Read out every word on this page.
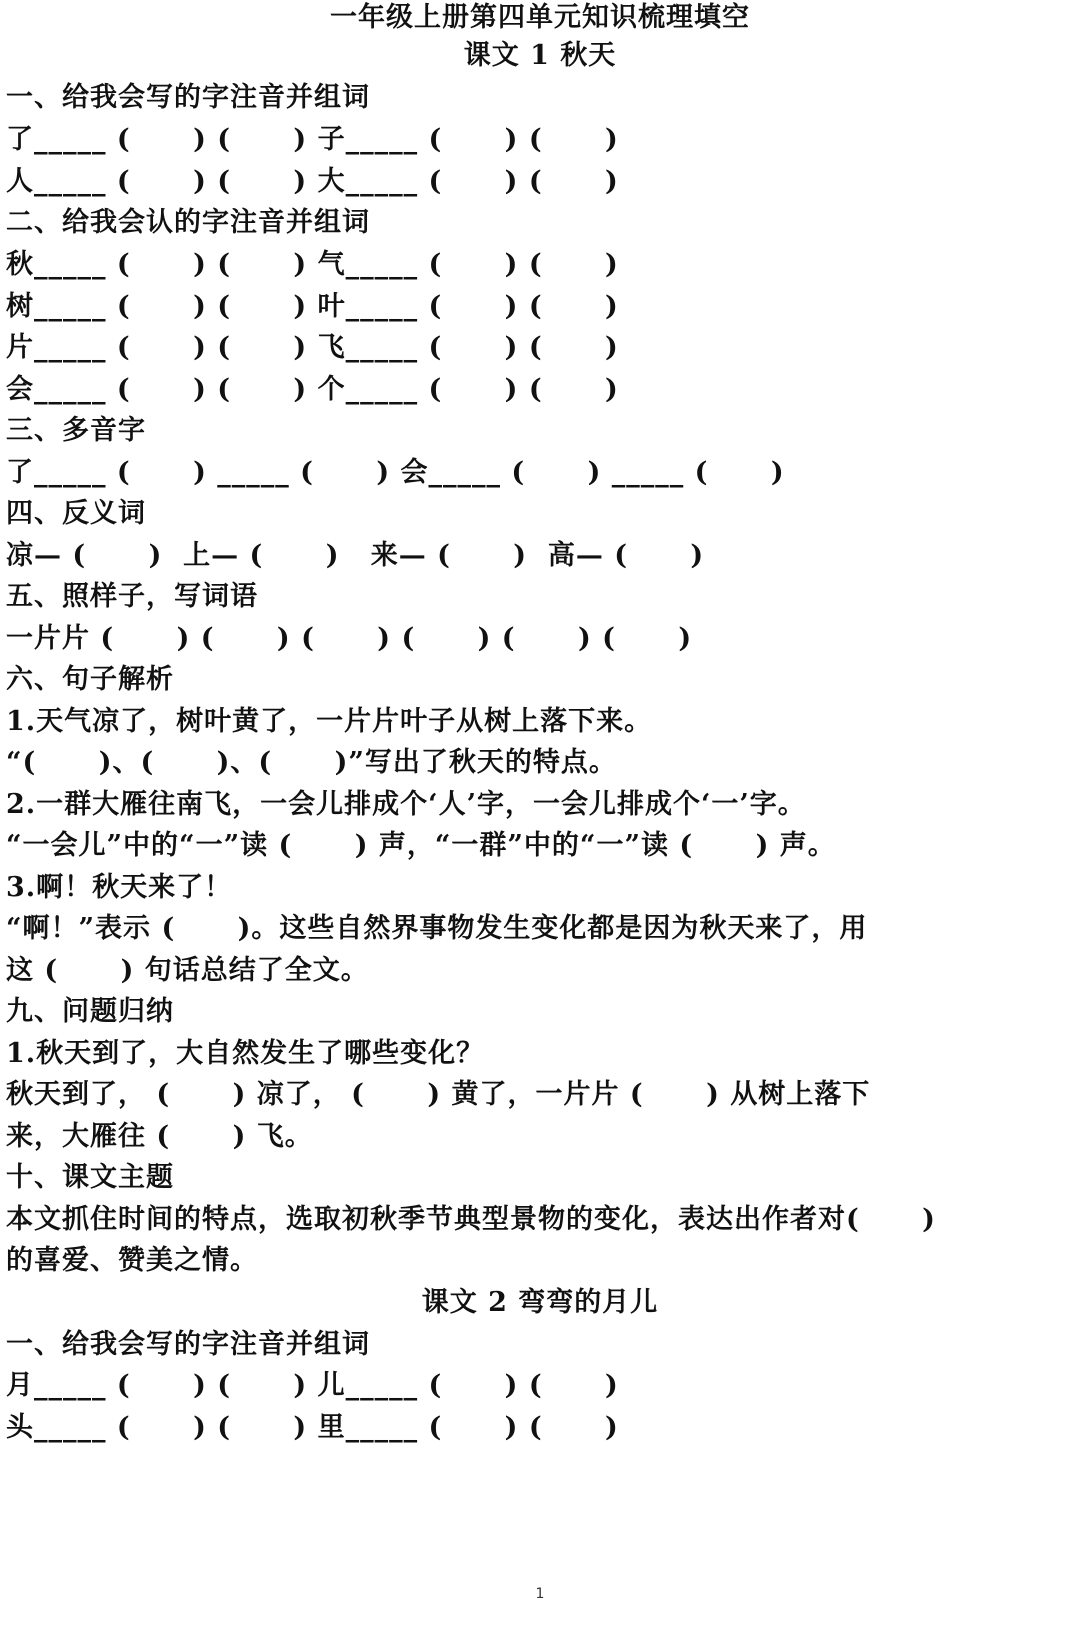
一年级上册第四单元知识梳理填空
课文 1 秋天
一、给我会写的字注音并组词
了_____ (      ) (      ) 子_____ (      ) (      )
人_____ (      ) (      ) 大_____ (      ) (      )
二、给我会认的字注音并组词
秋_____ (      ) (      ) 气_____ (      ) (      )
树_____ (      ) (      ) 叶_____ (      ) (      )
片_____ (      ) (      ) 飞_____ (      ) (      )
会_____ (      ) (      ) 个_____ (      ) (      )
三、多音字
了_____ (      ) _____ (      ) 会_____ (      ) _____ (      )
四、反义词
凉— (      )  上— (      )   来— (      )  高— (      )
五、照样子，写词语
一片片 (      ) (      ) (      ) (      ) (      ) (      )
六、句子解析
1.天气凉了，树叶黄了，一片片叶子从树上落下来。
“(      )、(      )、(      )”写出了秋天的特点。
2.一群大雁往南飞，一会儿排成个‘人’字，一会儿排成个‘一’字。
“一会儿”中的“一”读 (      ) 声，“一群”中的“一”读 (      ) 声。
3.啊！秋天来了！
“啊！”表示 (      )。这些自然界事物发生变化都是因为秋天来了，用
这 (      ) 句话总结了全文。
九、问题归纳
1.秋天到了，大自然发生了哪些变化？
秋天到了， (      ) 凉了， (      ) 黄了，一片片 (      ) 从树上落下
来，大雁往 (      ) 飞。
十、课文主题
本文抓住时间的特点，选取初秋季节典型景物的变化，表达出作者对(      )
的喜爱、赞美之情。
课文 2 弯弯的月儿
一、给我会写的字注音并组词
月_____ (      ) (      ) 儿_____ (      ) (      )
头_____ (      ) (      ) 里_____ (      ) (      )
1
